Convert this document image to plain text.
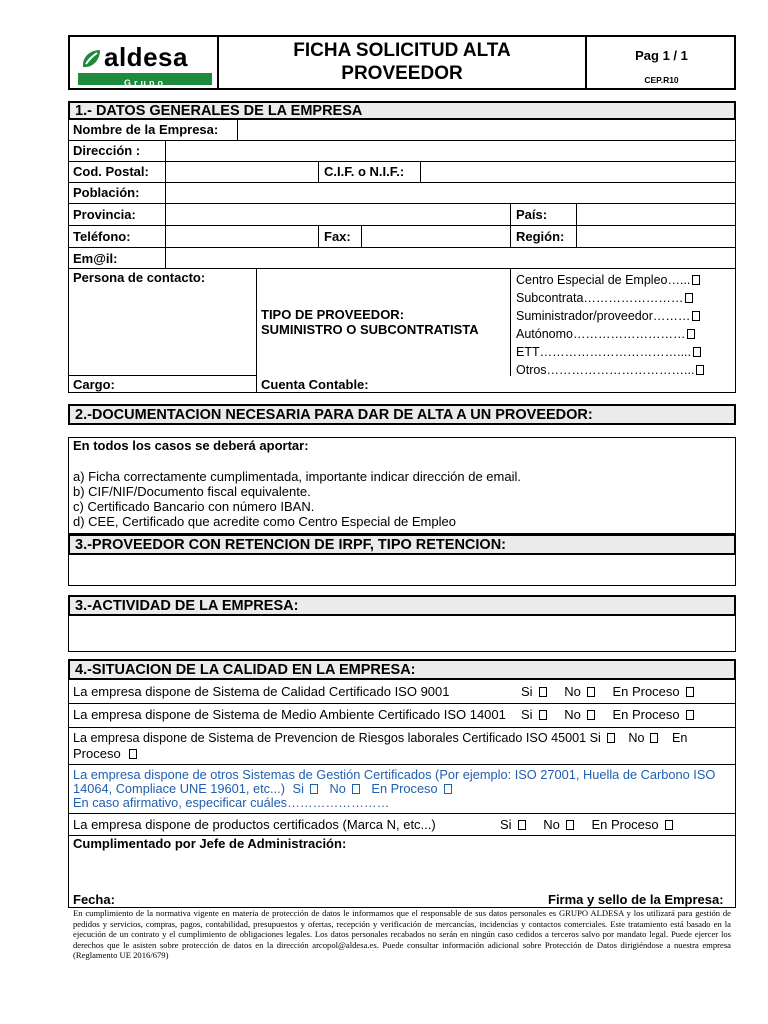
aldesa
Grupo
FICHA SOLICITUD ALTA
PROVEEDOR
Pag 1 / 1
CEP.R10
1.- DATOS GENERALES DE LA EMPRESA
Nombre de la Empresa:
Dirección :
Cod. Postal:	C.I.F. o N.I.F.:
Población:
Provincia:	País:
Teléfono:	Fax:	Región:
Em@il:
Persona de contacto:
TIPO DE PROVEEDOR:
SUMINISTRO O SUBCONTRATISTA
Centro Especial de Empleo…...
Subcontrata……………………
Suministrador/proveedor………
Autónomo………………………
ETT……………………………....
Otros……………………………...
Cargo:	Cuenta Contable:
2.-DOCUMENTACION NECESARIA PARA DAR DE ALTA A UN PROVEEDOR:
En todos los casos se deberá aportar:
a) Ficha correctamente cumplimentada, importante indicar dirección de email.
b) CIF/NIF/Documento fiscal equivalente.
c) Certificado Bancario con número IBAN.
d) CEE, Certificado que acredite como Centro Especial de Empleo
3.-PROVEEDOR CON RETENCION DE IRPF, TIPO RETENCION:
3.-ACTIVIDAD DE LA EMPRESA:
4.-SITUACION DE LA CALIDAD EN LA EMPRESA:
La empresa dispone de Sistema de Calidad Certificado ISO 9001	Si No En Proceso
La empresa dispone de Sistema de Medio Ambiente Certificado ISO 14001 Si No En Proceso
La empresa dispone de Sistema de Prevencion de Riesgos laborales Certificado ISO 45001 Si No En
Proceso
La empresa dispone de otros Sistemas de Gestión Certificados (Por ejemplo: ISO 27001, Huella de Carbono ISO
14064, Compliace UNE 19601, etc...) Si No En Proceso
En caso afirmativo, especificar cuáles……………………
La empresa dispone de productos certificados (Marca N, etc...)	Si No En Proceso
Cumplimentado por Jefe de Administración:
Fecha:	Firma y sello de la Empresa:
En cumplimiento de la normativa vigente en materia de protección de datos le informamos que el responsable de sus datos personales es GRUPO ALDESA y los utilizará para gestión de pedidos y servicios, compras, pagos, contabilidad, presupuestos y ofertas, recepción y verificación de mercancías, incidencias y contactos comerciales. Este tratamiento está basado en la ejecución de un contrato y el cumplimiento de obligaciones legales. Los datos personales recabados no serán en ningún caso cedidos a terceros salvo por mandato legal. Puede ejercer los derechos que le asisten sobre protección de datos en la dirección arcopol@aldesa.es. Puede consultar información adicional sobre Protección de Datos dirigiéndose a nuestra empresa (Reglamento UE 2016/679)
